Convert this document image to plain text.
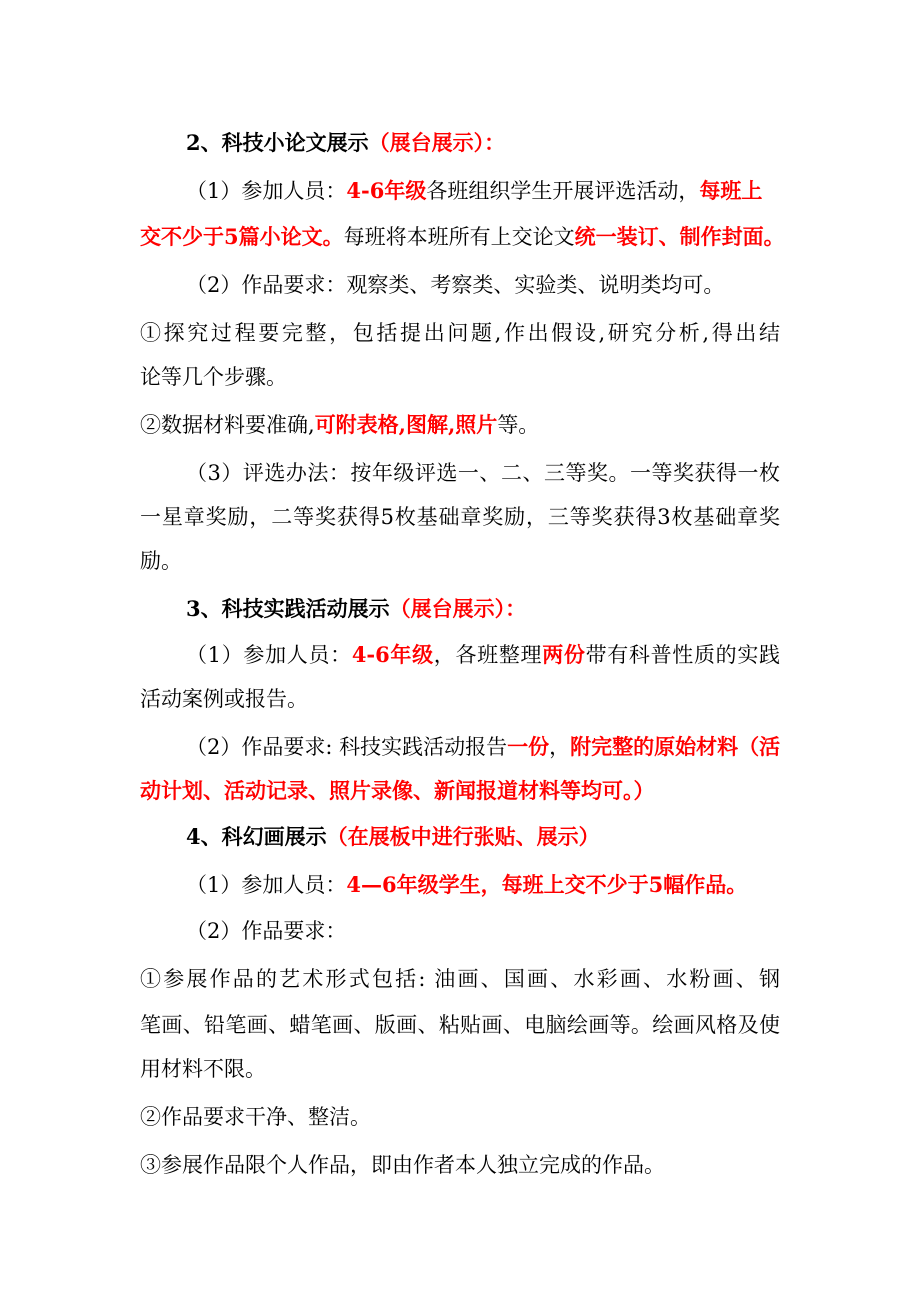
2、科技小论文展示（展台展示）：
（1）参加人员：4-6年级各班组织学生开展评选活动，每班上
交不少于5篇小论文。每班将本班所有上交论文统一装订、制作封面。
（2）作品要求：观察类、考察类、实验类、说明类均可。
①探究过程要完整，包括提出问题,作出假设,研究分析,得出结
论等几个步骤。
②数据材料要准确,可附表格,图解,照片等。
（3）评选办法：按年级评选一、二、三等奖。一等奖获得一枚
一星章奖励，二等奖获得5枚基础章奖励，三等奖获得3枚基础章奖
励。
3、科技实践活动展示（展台展示）：
（1）参加人员：4-6年级，各班整理两份带有科普性质的实践
活动案例或报告。
（2）作品要求: 科技实践活动报告一份，附完整的原始材料（活
动计划、活动记录、照片录像、新闻报道材料等均可。）
4、科幻画展示（在展板中进行张贴、展示）
（1）参加人员：4—6年级学生，每班上交不少于5幅作品。
（2）作品要求：
①参展作品的艺术形式包括: 油画、国画、水彩画、水粉画、钢
笔画、铅笔画、蜡笔画、版画、粘贴画、电脑绘画等。绘画风格及使
用材料不限。
②作品要求干净、整洁。
③参展作品限个人作品，即由作者本人独立完成的作品。
